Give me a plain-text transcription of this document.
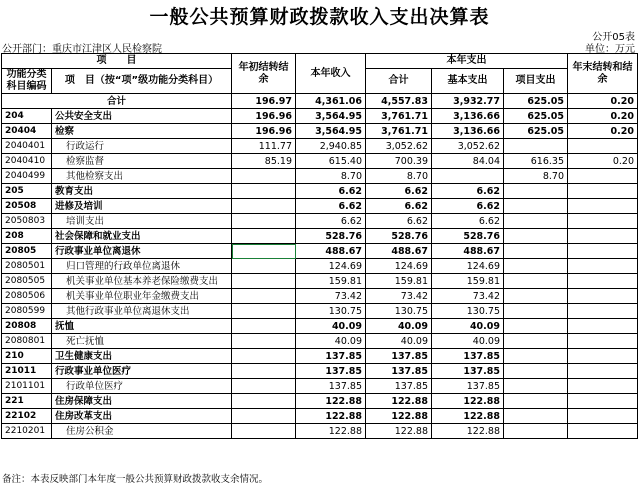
一般公共预算财政拨款收入支出决算表
公开05表
公开部门：重庆市江津区人民检察院	单位：万元
项　　目		年初结转结余	本年收入	本年支出			年末结转和结余
功能分类科目编码	项　目（按“项”级功能分类科目）			合计	基本支出	项目支出	

合计		196.97	4,361.06	4,557.83	3,932.77	625.05	0.20
204	公共安全支出	196.96	3,564.95	3,761.71	3,136.66	625.05	0.20
20404	检察	196.96	3,564.95	3,761.71	3,136.66	625.05	0.20
2040401	行政运行	111.77	2,940.85	3,052.62	3,052.62		
2040410	检察监督	85.19	615.40	700.39	84.04	616.35	0.20
2040499	其他检察支出		8.70	8.70		8.70	
205	教育支出		6.62	6.62	6.62		
20508	进修及培训		6.62	6.62	6.62		
2050803	培训支出		6.62	6.62	6.62		
208	社会保障和就业支出		528.76	528.76	528.76		
20805	行政事业单位离退休		488.67	488.67	488.67		
2080501	归口管理的行政单位离退休		124.69	124.69	124.69		
2080505	机关事业单位基本养老保险缴费支出		159.81	159.81	159.81		
2080506	机关事业单位职业年金缴费支出		73.42	73.42	73.42		
2080599	其他行政事业单位离退休支出		130.75	130.75	130.75		
20808	抚恤		40.09	40.09	40.09		
2080801	死亡抚恤		40.09	40.09	40.09		
210	卫生健康支出		137.85	137.85	137.85		
21011	行政事业单位医疗		137.85	137.85	137.85		
2101101	行政单位医疗		137.85	137.85	137.85		
221	住房保障支出		122.88	122.88	122.88		
22102	住房改革支出		122.88	122.88	122.88		
2210201	住房公积金		122.88	122.88	122.88		
备注：本表反映部门本年度一般公共预算财政拨款收支余情况。
